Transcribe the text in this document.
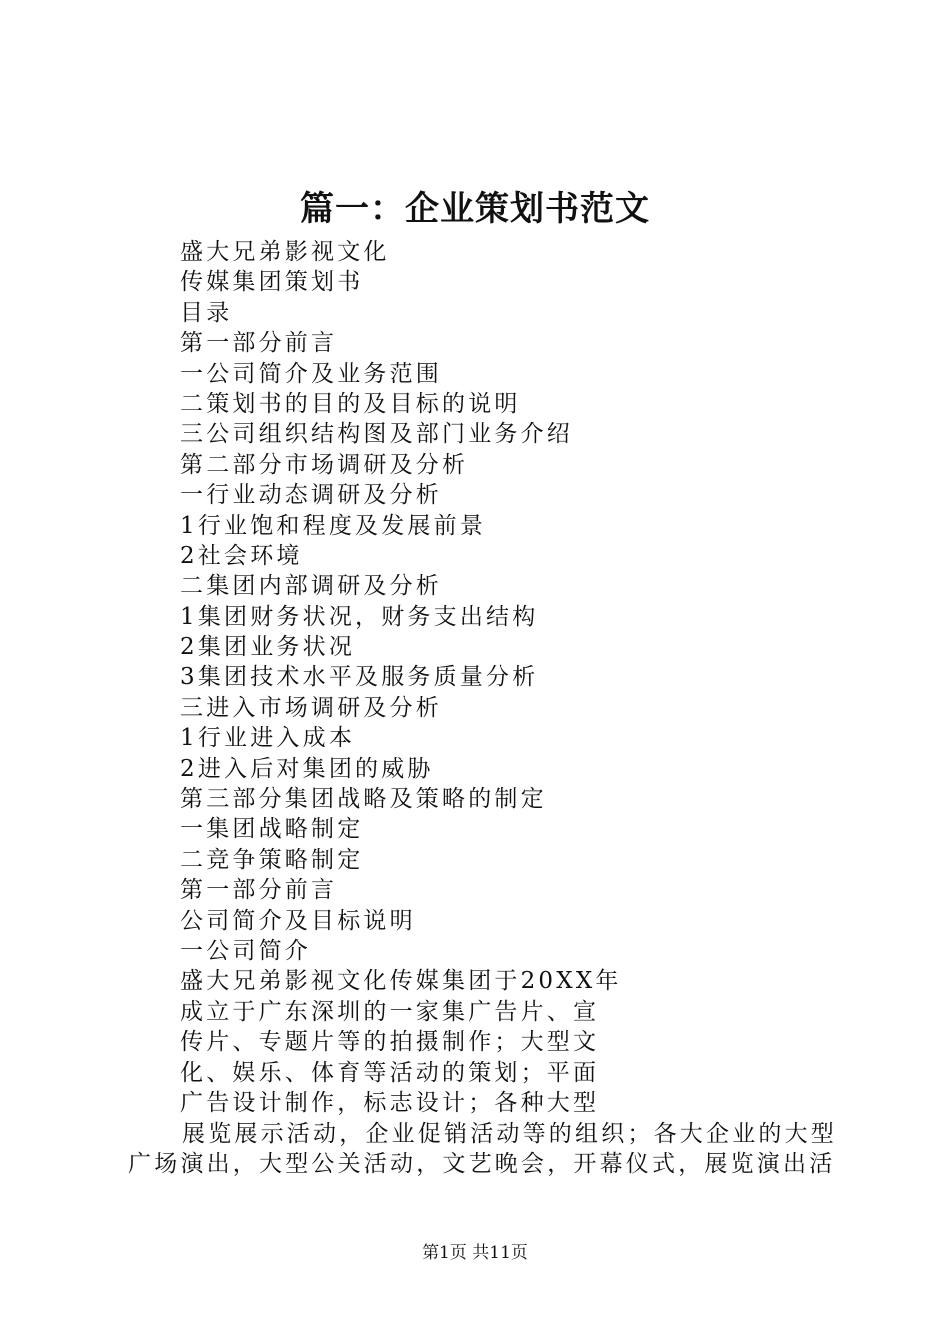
篇一：企业策划书范文
盛大兄弟影视文化
传媒集团策划书
目录
第一部分前言
一公司简介及业务范围
二策划书的目的及目标的说明
三公司组织结构图及部门业务介绍
第二部分市场调研及分析
一行业动态调研及分析
1行业饱和程度及发展前景
2社会环境
二集团内部调研及分析
1集团财务状况，财务支出结构
2集团业务状况
3集团技术水平及服务质量分析
三进入市场调研及分析
1行业进入成本
2进入后对集团的威胁
第三部分集团战略及策略的制定
一集团战略制定
二竞争策略制定
第一部分前言
公司简介及目标说明
一公司简介
盛大兄弟影视文化传媒集团于20XX年
成立于广东深圳的一家集广告片、宣
传片、专题片等的拍摄制作；大型文
化、娱乐、体育等活动的策划；平面
广告设计制作，标志设计；各种大型
展览展示活动，企业促销活动等的组织；各大企业的大型
广场演出，大型公关活动，文艺晚会，开幕仪式，展览演出活
第1页 共11页
